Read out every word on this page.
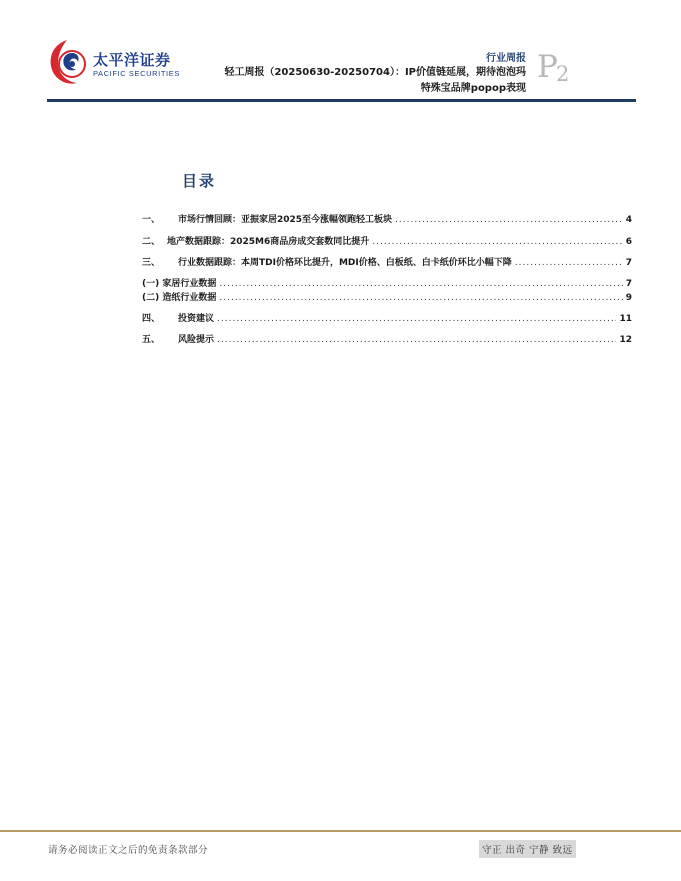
太平洋证券
PACIFIC SECURITIES
行业周报
轻工周报（20250630-20250704）：IP价值链延展，期待泡泡玛
特殊宝品牌popop表现
P
2
目录
一、	市场行情回顾：亚振家居2025至今涨幅领跑轻工板块 .....	4
二、 地产数据跟踪：2025M6商品房成交套数同比提升 .....	6
三、	行业数据跟踪：本周TDI价格环比提升，MDI价格、白板纸、白卡纸价环比小幅下降 .....	7
(一) 家居行业数据 .....	7
(二) 造纸行业数据 .....	9
四、	投资建议 .....	11
五、	风险提示 .....	12
请务必阅读正文之后的免责条款部分	守正 出奇 宁静 致远
